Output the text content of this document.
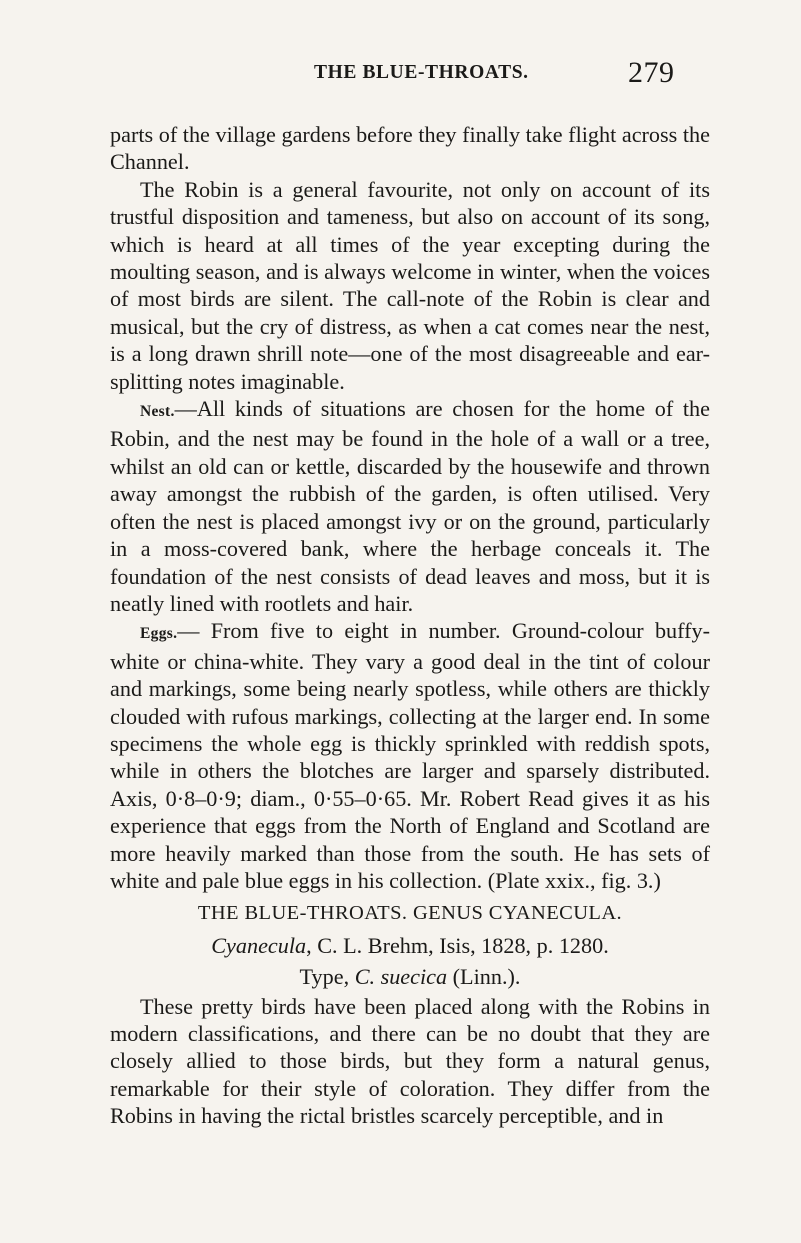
THE BLUE-THROATS.	279

parts of the village gardens before they finally take flight across the Channel.

The Robin is a general favourite, not only on account of its trustful disposition and tameness, but also on account of its song, which is heard at all times of the year excepting during the moulting season, and is always welcome in winter, when the voices of most birds are silent. The call-note of the Robin is clear and musical, but the cry of distress, as when a cat comes near the nest, is a long drawn shrill note—one of the most disagreeable and ear-splitting notes imaginable.

Nest.—All kinds of situations are chosen for the home of the Robin, and the nest may be found in the hole of a wall or a tree, whilst an old can or kettle, discarded by the housewife and thrown away amongst the rubbish of the garden, is often utilised. Very often the nest is placed amongst ivy or on the ground, particularly in a moss-covered bank, where the herbage conceals it. The foundation of the nest consists of dead leaves and moss, but it is neatly lined with rootlets and hair.

Eggs.— From five to eight in number. Ground-colour buffy-white or china-white. They vary a good deal in the tint of colour and markings, some being nearly spotless, while others are thickly clouded with rufous markings, collecting at the larger end. In some specimens the whole egg is thickly sprinkled with reddish spots, while in others the blotches are larger and sparsely distributed. Axis, 0·8–0·9; diam., 0·55–0·65. Mr. Robert Read gives it as his experience that eggs from the North of England and Scotland are more heavily marked than those from the south. He has sets of white and pale blue eggs in his collection. (Plate xxix., fig. 3.)

THE BLUE-THROATS. GENUS CYANECULA.

Cyanecula, C. L. Brehm, Isis, 1828, p. 1280.

Type, C. suecica (Linn.).

These pretty birds have been placed along with the Robins in modern classifications, and there can be no doubt that they are closely allied to those birds, but they form a natural genus, remarkable for their style of coloration. They differ from the Robins in having the rictal bristles scarcely perceptible, and in
